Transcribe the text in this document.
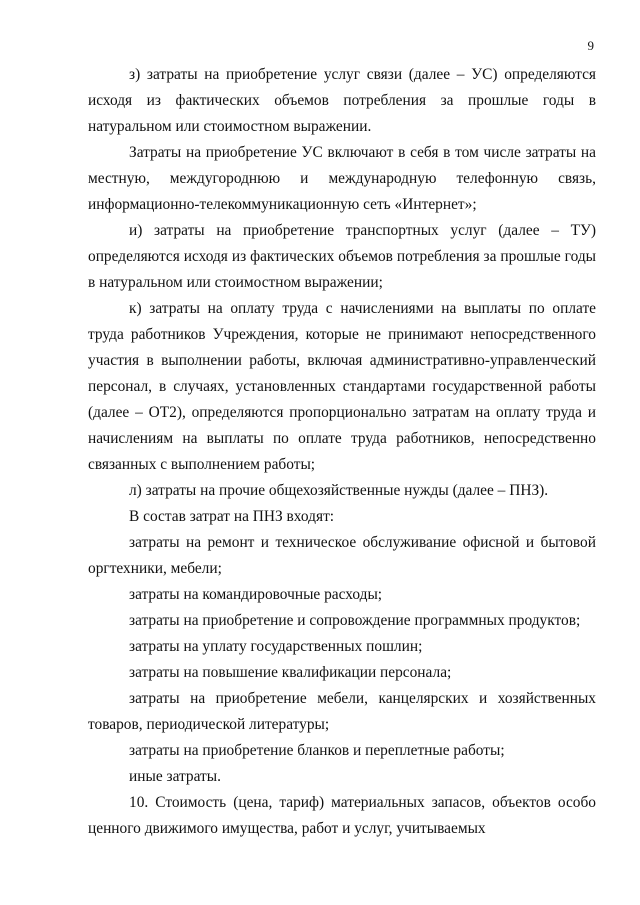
9

з) затраты на приобретение услуг связи (далее – УС) определяются исходя из фактических объемов потребления за прошлые годы в натуральном или стоимостном выражении.

Затраты на приобретение УС включают в себя в том числе затраты на местную, междугороднюю и международную телефонную связь, информационно-телекоммуникационную сеть «Интернет»;

и) затраты на приобретение транспортных услуг (далее – ТУ) определяются исходя из фактических объемов потребления за прошлые годы в натуральном или стоимостном выражении;

к) затраты на оплату труда с начислениями на выплаты по оплате труда работников Учреждения, которые не принимают непосредственного участия в выполнении работы, включая административно-управленческий персонал, в случаях, установленных стандартами государственной работы (далее – ОТ2), определяются пропорционально затратам на оплату труда и начислениям на выплаты по оплате труда работников, непосредственно связанных с выполнением работы;

л) затраты на прочие общехозяйственные нужды (далее – ПНЗ).

В состав затрат на ПНЗ входят:

затраты на ремонт и техническое обслуживание офисной и бытовой оргтехники, мебели;

затраты на командировочные расходы;

затраты на приобретение и сопровождение программных продуктов;

затраты на уплату государственных пошлин;

затраты на повышение квалификации персонала;

затраты на приобретение мебели, канцелярских и хозяйственных товаров, периодической литературы;

затраты на приобретение бланков и переплетные работы;

иные затраты.

10. Стоимость (цена, тариф) материальных запасов, объектов особо ценного движимого имущества, работ и услуг, учитываемых
